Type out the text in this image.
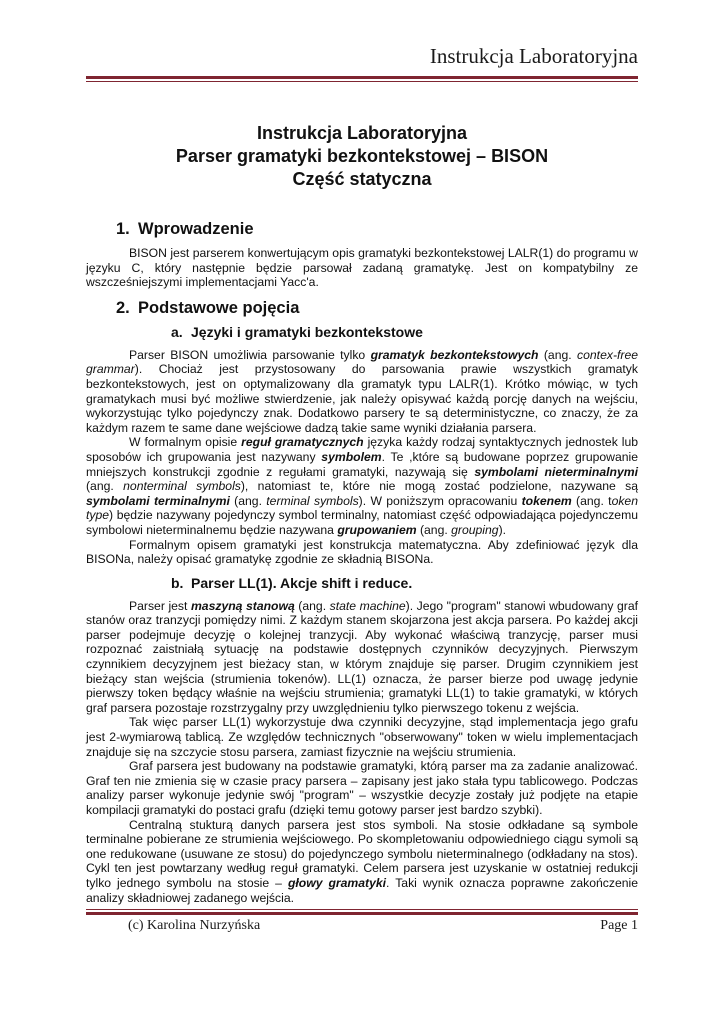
Instrukcja Laboratoryjna

Instrukcja Laboratoryjna

Parser gramatyki bezkontekstowej – BISON

Część statyczna

1. Wprowadzenie

BISON jest parserem konwertującym opis gramatyki bezkontekstowej LALR(1) do programu w języku C, który następnie będzie parsował zadaną gramatykę. Jest on kompatybilny ze wszcześniejszymi implementacjami Yacc'a.

2. Podstawowe pojęcia
a. Języki i gramatyki bezkontekstowe

Parser BISON umożliwia parsowanie tylko gramatyk bezkontekstowych (ang. contex-free grammar). Chociaż jest przystosowany do parsowania prawie wszystkich gramatyk bezkontekstowych, jest on optymalizowany dla gramatyk typu LALR(1). Krótko mówiąc, w tych gramatykach musi być możliwe stwierdzenie, jak należy opisywać każdą porcję danych na wejściu, wykorzystując tylko pojedynczy znak. Dodatkowo parsery te są deterministyczne, co znaczy, że za każdym razem te same dane wejściowe dadzą takie same wyniki działania parsera.

W formalnym opisie reguł gramatycznych języka każdy rodzaj syntaktycznych jednostek lub sposobów ich grupowania jest nazywany symbolem. Te ,które są budowane poprzez grupowanie mniejszych konstrukcji zgodnie z regułami gramatyki, nazywają się symbolami nieterminalnymi (ang. nonterminal symbols), natomiast te, które nie mogą zostać podzielone, nazywane są symbolami terminalnymi (ang. terminal symbols). W poniższym opracowaniu tokenem (ang. token type) będzie nazywany pojedynczy symbol terminalny, natomiast część odpowiadająca pojedynczemu symbolowi nieterminalnemu będzie nazywana grupowaniem (ang. grouping).

Formalnym opisem gramatyki jest konstrukcja matematyczna. Aby zdefiniować język dla BISONa, należy opisać gramatykę zgodnie ze składnią BISONa.

b. Parser LL(1). Akcje shift i reduce.

Parser jest maszyną stanową (ang. state machine). Jego "program" stanowi wbudowany graf stanów oraz tranzycji pomiędzy nimi. Z każdym stanem skojarzona jest akcja parsera. Po każdej akcji parser podejmuje decyzję o kolejnej tranzycji. Aby wykonać właściwą tranzycję, parser musi rozpoznać zaistniałą sytuację na podstawie dostępnych czynników decyzyjnych. Pierwszym czynnikiem decyzyjnem jest bieżacy stan, w którym znajduje się parser. Drugim czynnikiem jest bieżący stan wejścia (strumienia tokenów). LL(1) oznacza, że parser bierze pod uwagę jedynie pierwszy token będący właśnie na wejściu strumienia; gramatyki LL(1) to takie gramatyki, w których graf parsera pozostaje rozstrzygalny przy uwzględnieniu tylko pierwszego tokenu z wejścia.

Tak więc parser LL(1) wykorzystuje dwa czynniki decyzyjne, stąd implementacja jego grafu jest 2-wymiarową tablicą. Ze względów technicznych "obserwowany" token w wielu implementacjach znajduje się na szczycie stosu parsera, zamiast fizycznie na wejściu strumienia.

Graf parsera jest budowany na podstawie gramatyki, którą parser ma za zadanie analizować. Graf ten nie zmienia się w czasie pracy parsera – zapisany jest jako stała typu tablicowego. Podczas analizy parser wykonuje jedynie swój "program" – wszystkie decyzje zostały już podjęte na etapie kompilacji gramatyki do postaci grafu (dzięki temu gotowy parser jest bardzo szybki).

Centralną stukturą danych parsera jest stos symboli. Na stosie odkładane są symbole terminalne pobierane ze strumienia wejściowego. Po skompletowaniu odpowiedniego ciągu symoli są one redukowane (usuwane ze stosu) do pojedynczego symbolu nieterminalnego (odkładany na stos). Cykl ten jest powtarzany według reguł gramatyki. Celem parsera jest uzyskanie w ostatniej redukcji tylko jednego symbolu na stosie – głowy gramatyki. Taki wynik oznacza poprawne zakończenie analizy składniowej zadanego wejścia.

(c) Karolina Nurzyńska	Page 1
